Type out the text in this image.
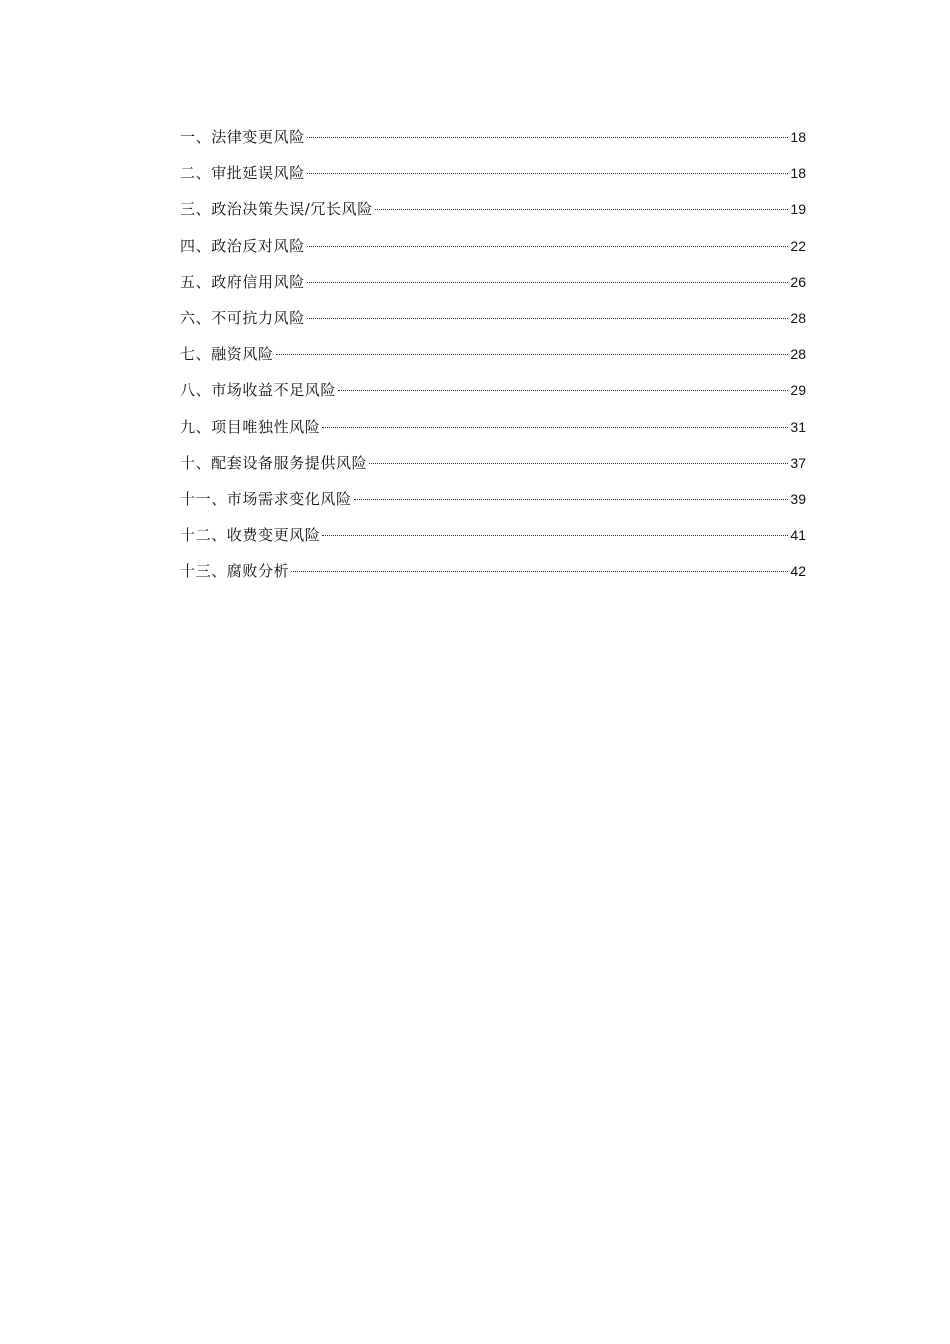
一、法律变更风险	18
二、审批延误风险	18
三、政治决策失误/冗长风险	19
四、政治反对风险	22
五、政府信用风险	26
六、不可抗力风险	28
七、融资风险	28
八、市场收益不足风险	29
九、项目唯独性风险	31
十、配套设备服务提供风险	37
十一、市场需求变化风险	39
十二、收费变更风险	41
十三、腐败分析	42
